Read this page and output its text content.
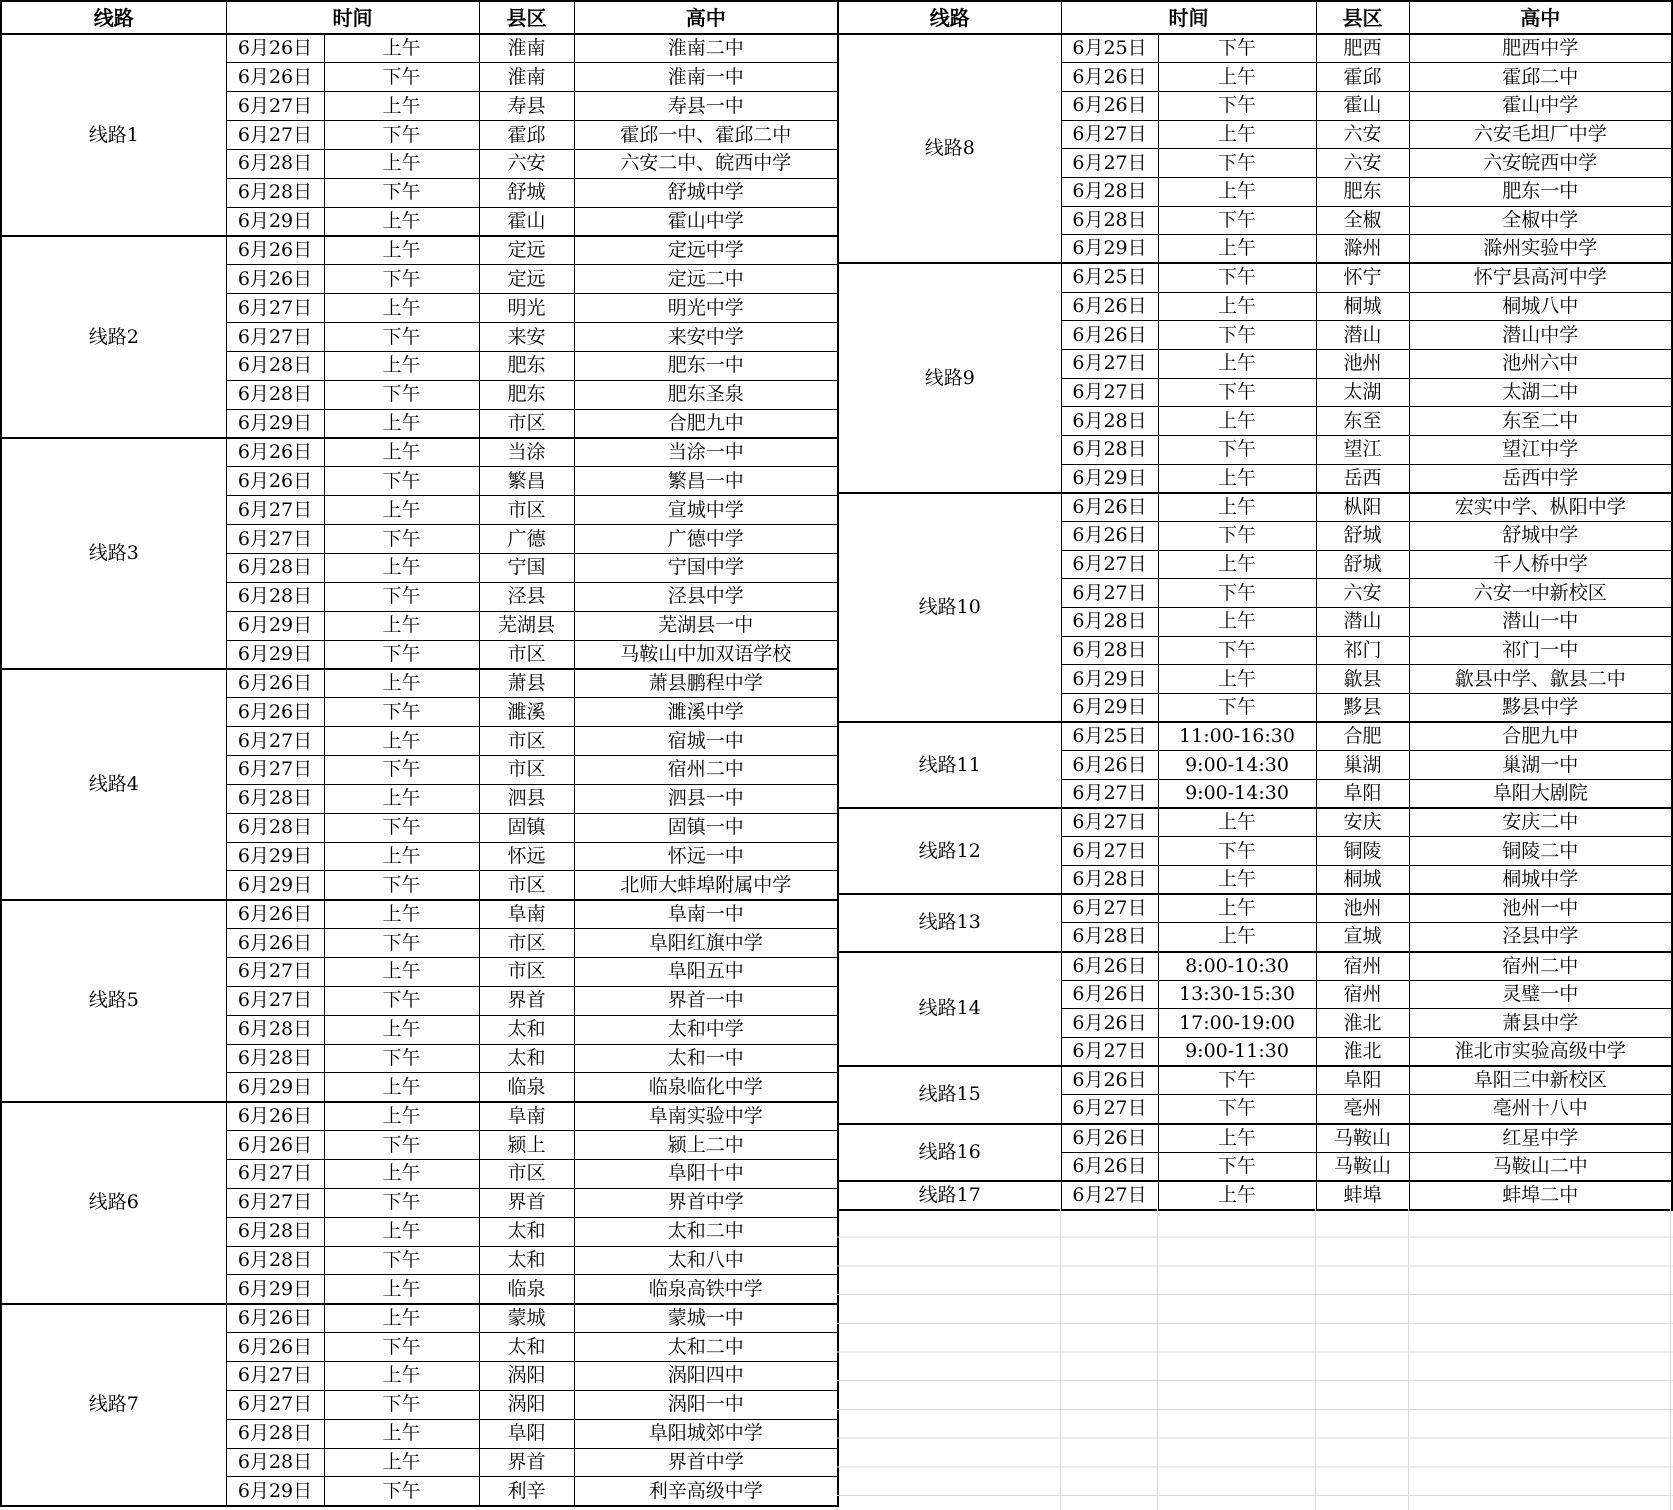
线路	时间		县区	高中
线路1	6月26日	上午	淮南	淮南二中
	6月26日	下午	淮南	淮南一中
	6月27日	上午	寿县	寿县一中
	6月27日	下午	霍邱	霍邱一中、霍邱二中
	6月28日	上午	六安	六安二中、皖西中学
	6月28日	下午	舒城	舒城中学
	6月29日	上午	霍山	霍山中学
线路2	6月26日	上午	定远	定远中学
	6月26日	下午	定远	定远二中
	6月27日	上午	明光	明光中学
	6月27日	下午	来安	来安中学
	6月28日	上午	肥东	肥东一中
	6月28日	下午	肥东	肥东圣泉
	6月29日	上午	市区	合肥九中
线路3	6月26日	上午	当涂	当涂一中
	6月26日	下午	繁昌	繁昌一中
	6月27日	上午	市区	宣城中学
	6月27日	下午	广德	广德中学
	6月28日	上午	宁国	宁国中学
	6月28日	下午	泾县	泾县中学
	6月29日	上午	芜湖县	芜湖县一中
	6月29日	下午	市区	马鞍山中加双语学校
线路4	6月26日	上午	萧县	萧县鹏程中学
	6月26日	下午	濉溪	濉溪中学
	6月27日	上午	市区	宿城一中
	6月27日	下午	市区	宿州二中
	6月28日	上午	泗县	泗县一中
	6月28日	下午	固镇	固镇一中
	6月29日	上午	怀远	怀远一中
	6月29日	下午	市区	北师大蚌埠附属中学
线路5	6月26日	上午	阜南	阜南一中
	6月26日	下午	市区	阜阳红旗中学
	6月27日	上午	市区	阜阳五中
	6月27日	下午	界首	界首一中
	6月28日	上午	太和	太和中学
	6月28日	下午	太和	太和一中
	6月29日	上午	临泉	临泉临化中学
线路6	6月26日	上午	阜南	阜南实验中学
	6月26日	下午	颍上	颍上二中
	6月27日	上午	市区	阜阳十中
	6月27日	下午	界首	界首中学
	6月28日	上午	太和	太和二中
	6月28日	下午	太和	太和八中
	6月29日	上午	临泉	临泉高铁中学
线路7	6月26日	上午	蒙城	蒙城一中
	6月26日	下午	太和	太和二中
	6月27日	上午	涡阳	涡阳四中
	6月27日	下午	涡阳	涡阳一中
	6月28日	上午	阜阳	阜阳城郊中学
	6月28日	上午	界首	界首中学
	6月29日	下午	利辛	利辛高级中学
线路	时间		县区	高中
线路8	6月25日	下午	肥西	肥西中学
	6月26日	上午	霍邱	霍邱二中
	6月26日	下午	霍山	霍山中学
	6月27日	上午	六安	六安毛坦厂中学
	6月27日	下午	六安	六安皖西中学
	6月28日	上午	肥东	肥东一中
	6月28日	下午	全椒	全椒中学
	6月29日	上午	滁州	滁州实验中学
线路9	6月25日	下午	怀宁	怀宁县高河中学
	6月26日	上午	桐城	桐城八中
	6月26日	下午	潜山	潜山中学
	6月27日	上午	池州	池州六中
	6月27日	下午	太湖	太湖二中
	6月28日	上午	东至	东至二中
	6月28日	下午	望江	望江中学
	6月29日	上午	岳西	岳西中学
线路10	6月26日	上午	枞阳	宏实中学、枞阳中学
	6月26日	下午	舒城	舒城中学
	6月27日	上午	舒城	千人桥中学
	6月27日	下午	六安	六安一中新校区
	6月28日	上午	潜山	潜山一中
	6月28日	下午	祁门	祁门一中
	6月29日	上午	歙县	歙县中学、歙县二中
	6月29日	下午	黟县	黟县中学
线路11	6月25日	11:00-16:30	合肥	合肥九中
	6月26日	9:00-14:30	巢湖	巢湖一中
	6月27日	9:00-14:30	阜阳	阜阳大剧院
线路12	6月27日	上午	安庆	安庆二中
	6月27日	下午	铜陵	铜陵二中
	6月28日	上午	桐城	桐城中学
线路13	6月27日	上午	池州	池州一中
	6月28日	上午	宣城	泾县中学
线路14	6月26日	8:00-10:30	宿州	宿州二中
	6月26日	13:30-15:30	宿州	灵璧一中
	6月26日	17:00-19:00	淮北	萧县中学
	6月27日	9:00-11:30	淮北	淮北市实验高级中学
线路15	6月26日	下午	阜阳	阜阳三中新校区
	6月27日	下午	亳州	亳州十八中
线路16	6月26日	上午	马鞍山	红星中学
	6月26日	下午	马鞍山	马鞍山二中
线路17	6月27日	上午	蚌埠	蚌埠二中
